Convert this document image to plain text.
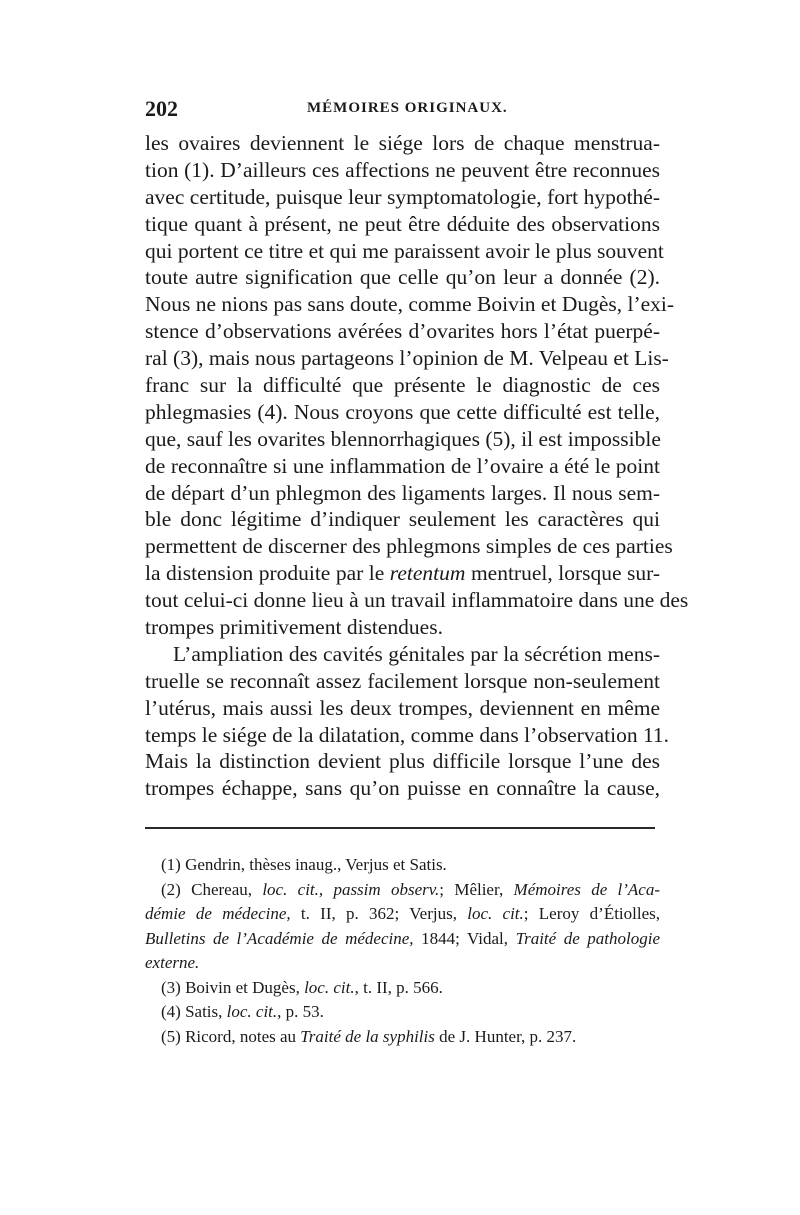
202	MÉMOIRES ORIGINAUX.
les ovaires deviennent le siége lors de chaque menstrua-
tion (1). D’ailleurs ces affections ne peuvent être reconnues
avec certitude, puisque leur symptomatologie, fort hypothé-
tique quant à présent, ne peut être déduite des observations
qui portent ce titre et qui me paraissent avoir le plus souvent
toute autre signification que celle qu’on leur a donnée (2).
Nous ne nions pas sans doute, comme Boivin et Dugès, l’exi-
stence d’observations avérées d’ovarites hors l’état puerpé-
ral (3), mais nous partageons l’opinion de M. Velpeau et Lis-
franc sur la difficulté que présente le diagnostic de ces
phlegmasies (4). Nous croyons que cette difficulté est telle,
que, sauf les ovarites blennorrhagiques (5), il est impossible
de reconnaître si une inflammation de l’ovaire a été le point
de départ d’un phlegmon des ligaments larges. Il nous sem-
ble donc légitime d’indiquer seulement les caractères qui
permettent de discerner des phlegmons simples de ces parties
la distension produite par le retentum mentruel, lorsque sur-
tout celui-ci donne lieu à un travail inflammatoire dans une des
trompes primitivement distendues.
L’ampliation des cavités génitales par la sécrétion mens-
truelle se reconnaît assez facilement lorsque non-seulement
l’utérus, mais aussi les deux trompes, deviennent en même
temps le siége de la dilatation, comme dans l’observation 11.
Mais la distinction devient plus difficile lorsque l’une des
trompes échappe, sans qu’on puisse en connaître la cause,
(1) Gendrin, thèses inaug., Verjus et Satis.
(2) Chereau, loc. cit., passim observ.; Mêlier, Mémoires de l’Aca-
démie de médecine, t. II, p. 362; Verjus, loc. cit.; Leroy d’Étiolles,
Bulletins de l’Académie de médecine, 1844; Vidal, Traité de pathologie
externe.
(3) Boivin et Dugès, loc. cit., t. II, p. 566.
(4) Satis, loc. cit., p. 53.
(5) Ricord, notes au Traité de la syphilis de J. Hunter, p. 237.
